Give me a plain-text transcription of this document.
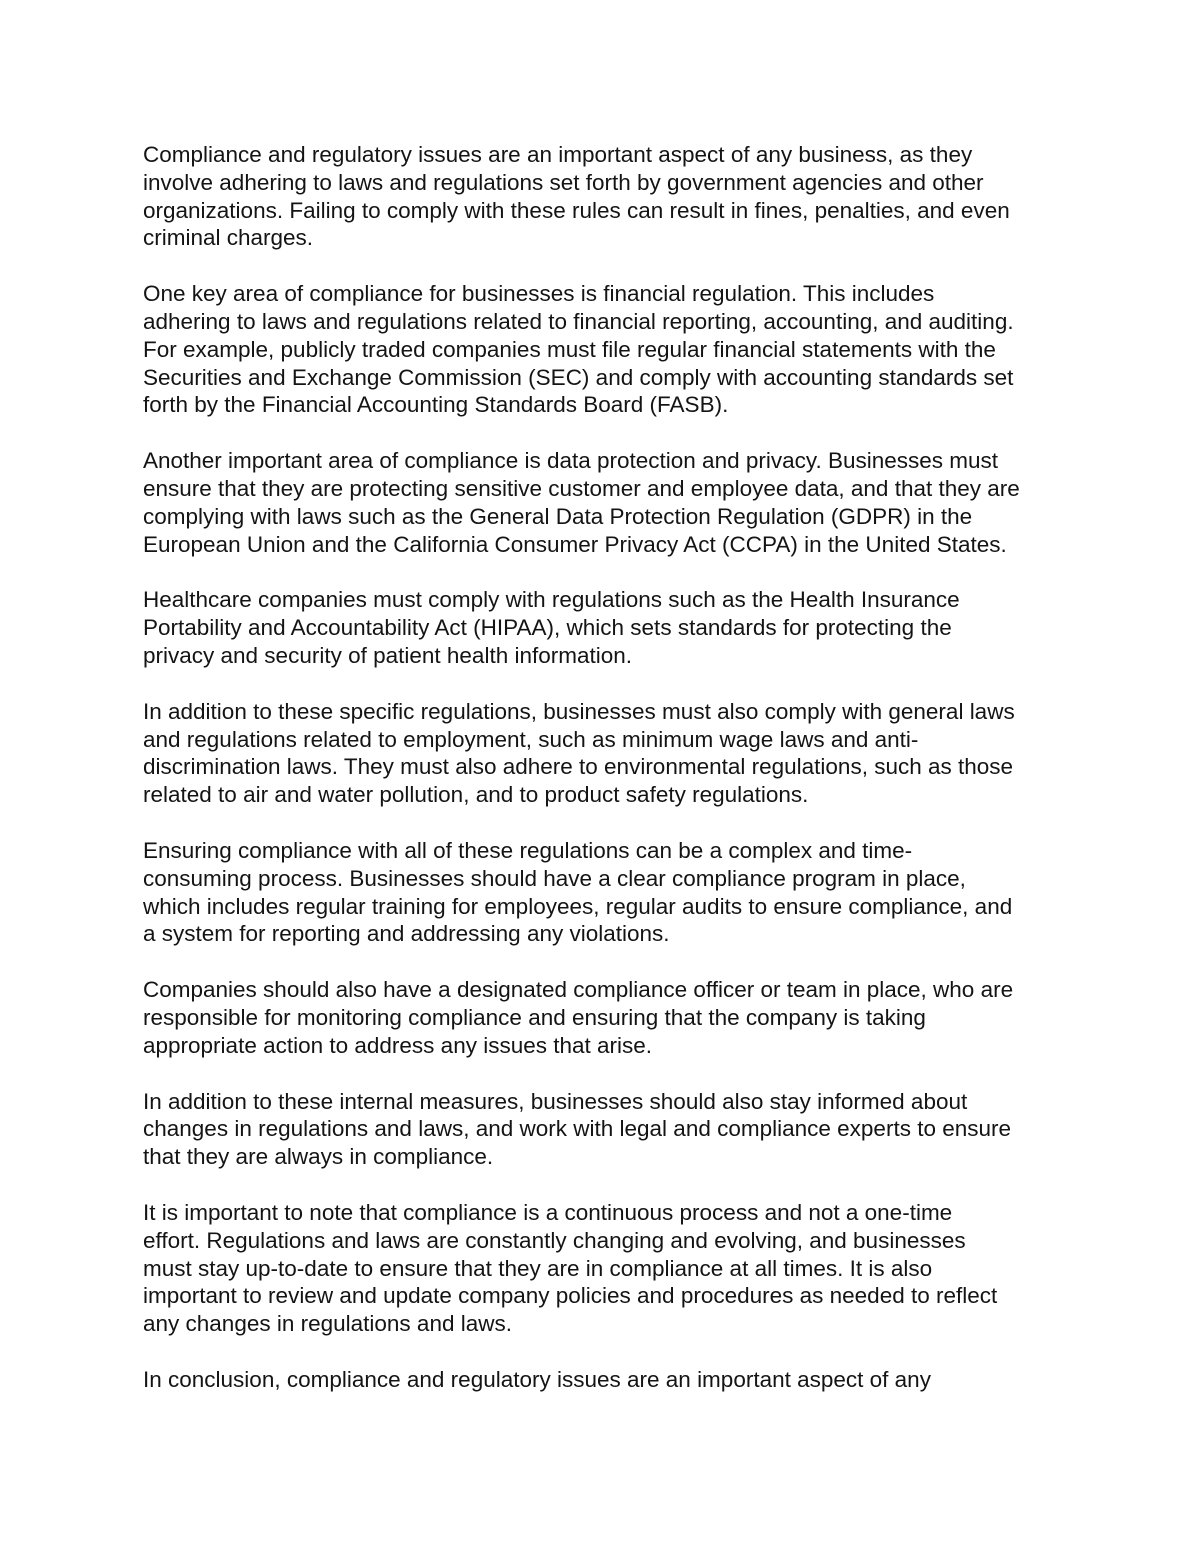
Compliance and regulatory issues are an important aspect of any business, as they
involve adhering to laws and regulations set forth by government agencies and other
organizations. Failing to comply with these rules can result in fines, penalties, and even
criminal charges.

One key area of compliance for businesses is financial regulation. This includes
adhering to laws and regulations related to financial reporting, accounting, and auditing.
For example, publicly traded companies must file regular financial statements with the
Securities and Exchange Commission (SEC) and comply with accounting standards set
forth by the Financial Accounting Standards Board (FASB).

Another important area of compliance is data protection and privacy. Businesses must
ensure that they are protecting sensitive customer and employee data, and that they are
complying with laws such as the General Data Protection Regulation (GDPR) in the
European Union and the California Consumer Privacy Act (CCPA) in the United States.

Healthcare companies must comply with regulations such as the Health Insurance
Portability and Accountability Act (HIPAA), which sets standards for protecting the
privacy and security of patient health information.

In addition to these specific regulations, businesses must also comply with general laws
and regulations related to employment, such as minimum wage laws and anti-
discrimination laws. They must also adhere to environmental regulations, such as those
related to air and water pollution, and to product safety regulations.

Ensuring compliance with all of these regulations can be a complex and time-
consuming process. Businesses should have a clear compliance program in place,
which includes regular training for employees, regular audits to ensure compliance, and
a system for reporting and addressing any violations.

Companies should also have a designated compliance officer or team in place, who are
responsible for monitoring compliance and ensuring that the company is taking
appropriate action to address any issues that arise.

In addition to these internal measures, businesses should also stay informed about
changes in regulations and laws, and work with legal and compliance experts to ensure
that they are always in compliance.

It is important to note that compliance is a continuous process and not a one-time
effort. Regulations and laws are constantly changing and evolving, and businesses
must stay up-to-date to ensure that they are in compliance at all times. It is also
important to review and update company policies and procedures as needed to reflect
any changes in regulations and laws.

In conclusion, compliance and regulatory issues are an important aspect of any
